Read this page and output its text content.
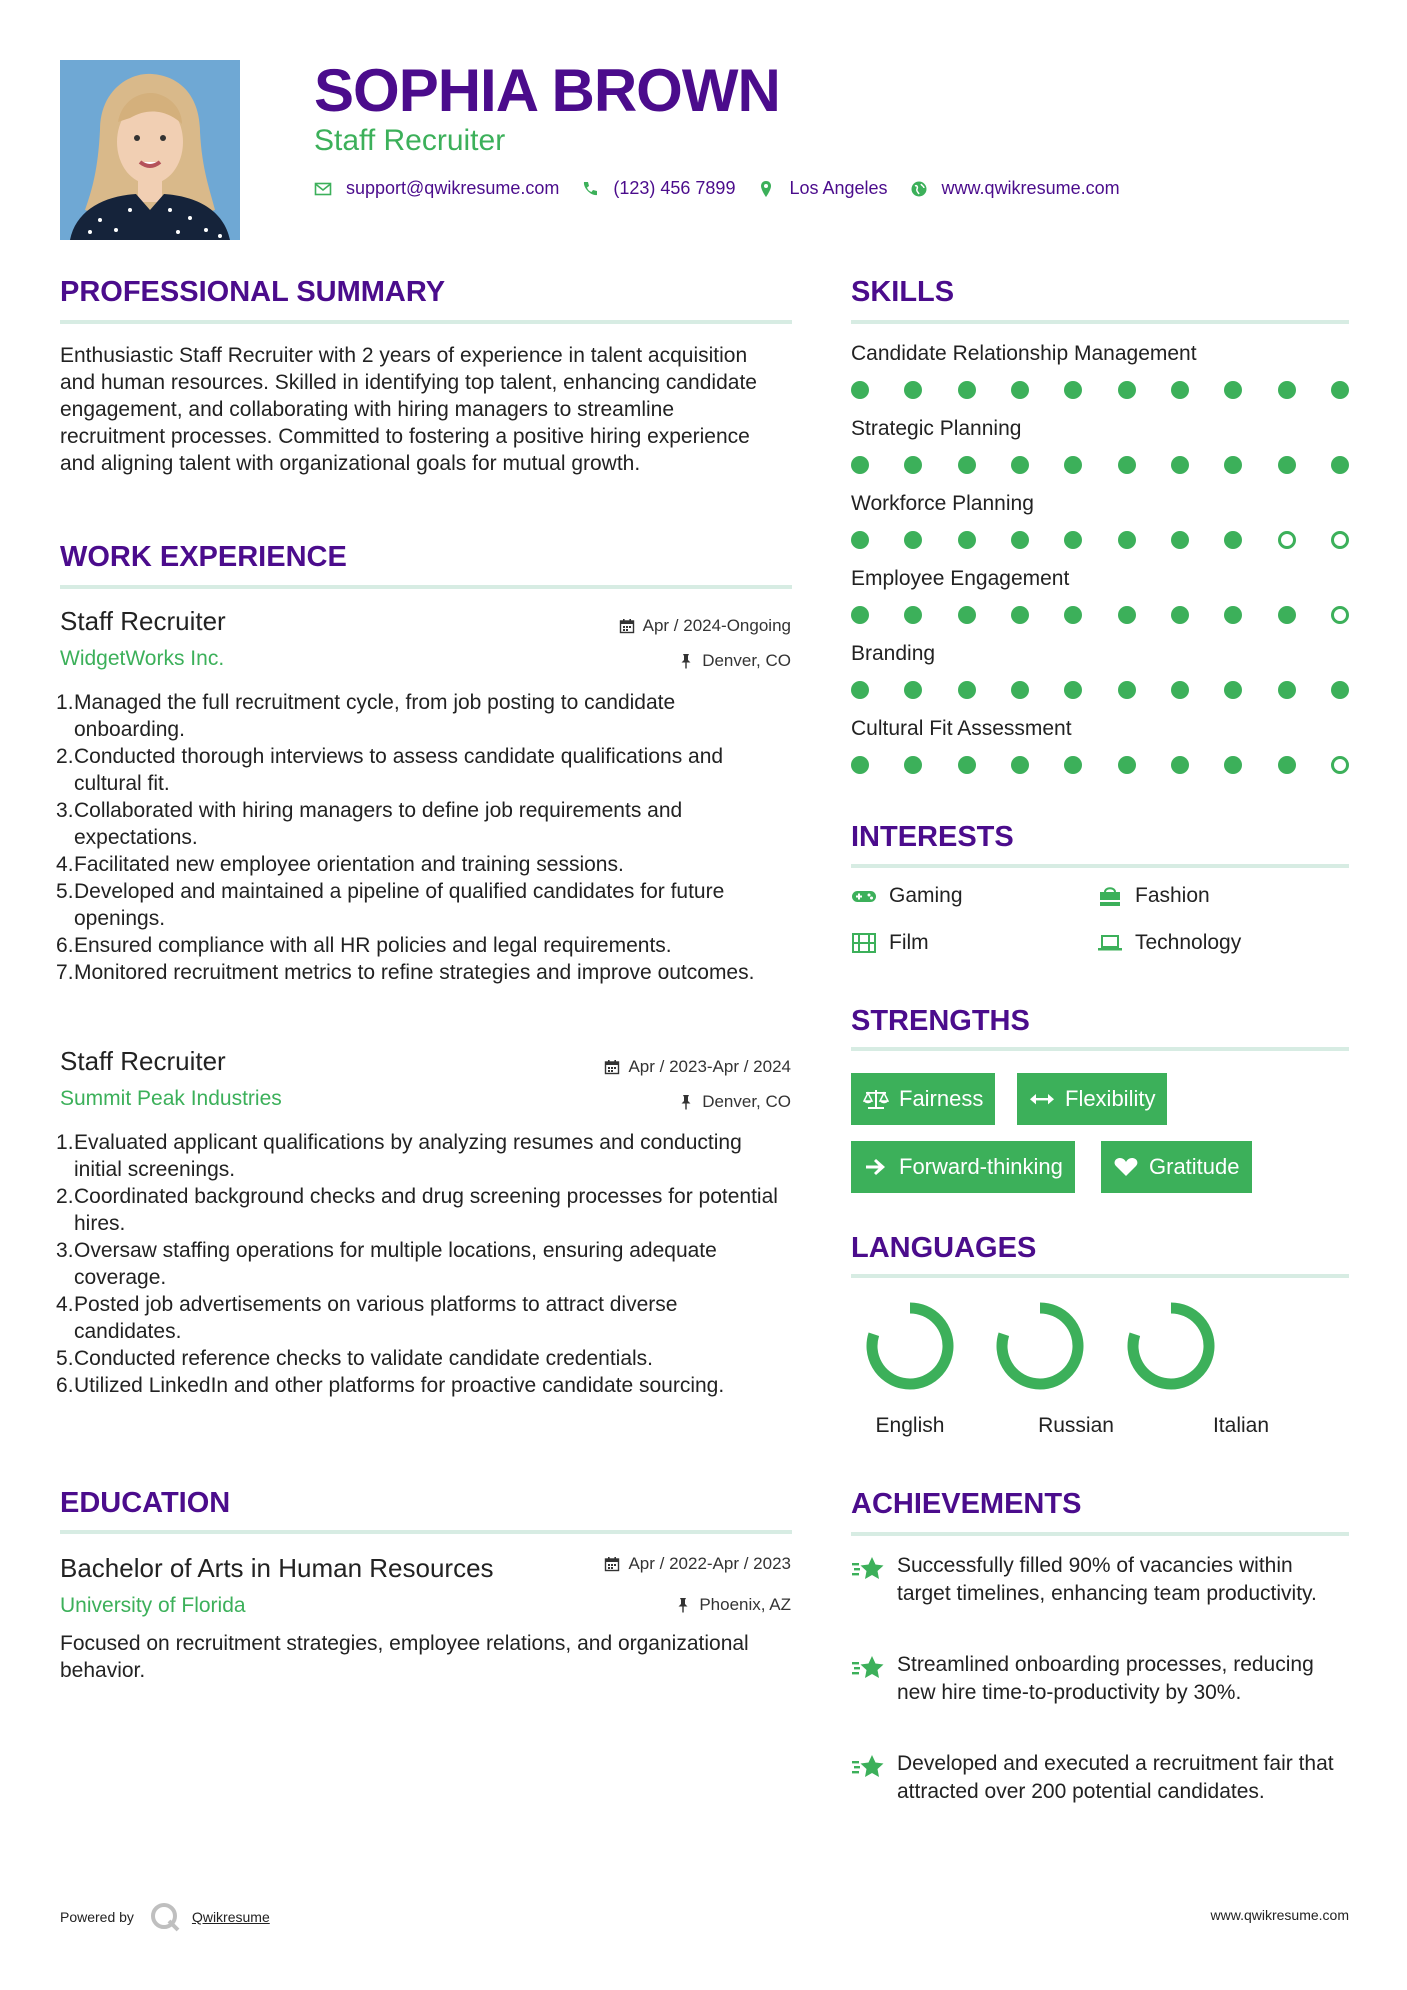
SOPHIA BROWN
Staff Recruiter
support@qwikresume.com	(123) 456 7899	Los Angeles	www.qwikresume.com
PROFESSIONAL SUMMARY
Enthusiastic Staff Recruiter with 2 years of experience in talent acquisition and human resources. Skilled in identifying top talent, enhancing candidate engagement, and collaborating with hiring managers to streamline recruitment processes. Committed to fostering a positive hiring experience and aligning talent with organizational goals for mutual growth.
WORK EXPERIENCE
Staff Recruiter	Apr / 2024-Ongoing
WidgetWorks Inc.	Denver, CO
Managed the full recruitment cycle, from job posting to candidate onboarding.
Conducted thorough interviews to assess candidate qualifications and cultural fit.
Collaborated with hiring managers to define job requirements and expectations.
Facilitated new employee orientation and training sessions.
Developed and maintained a pipeline of qualified candidates for future openings.
Ensured compliance with all HR policies and legal requirements.
Monitored recruitment metrics to refine strategies and improve outcomes.
Staff Recruiter	Apr / 2023-Apr / 2024
Summit Peak Industries	Denver, CO
Evaluated applicant qualifications by analyzing resumes and conducting initial screenings.
Coordinated background checks and drug screening processes for potential hires.
Oversaw staffing operations for multiple locations, ensuring adequate coverage.
Posted job advertisements on various platforms to attract diverse candidates.
Conducted reference checks to validate candidate credentials.
Utilized LinkedIn and other platforms for proactive candidate sourcing.
EDUCATION
Bachelor of Arts in Human Resources	Apr / 2022-Apr / 2023
University of Florida	Phoenix, AZ
Focused on recruitment strategies, employee relations, and organizational behavior.
SKILLS
Candidate Relationship Management
Strategic Planning
Workforce Planning
Employee Engagement
Branding
Cultural Fit Assessment
INTERESTS
Gaming	Fashion
Film	Technology
STRENGTHS
Fairness	Flexibility
Forward-thinking	Gratitude
LANGUAGES
English	Russian	Italian
ACHIEVEMENTS
Successfully filled 90% of vacancies within target timelines, enhancing team productivity.
Streamlined onboarding processes, reducing new hire time-to-productivity by 30%.
Developed and executed a recruitment fair that attracted over 200 potential candidates.
Powered by	Qwikresume	www.qwikresume.com
